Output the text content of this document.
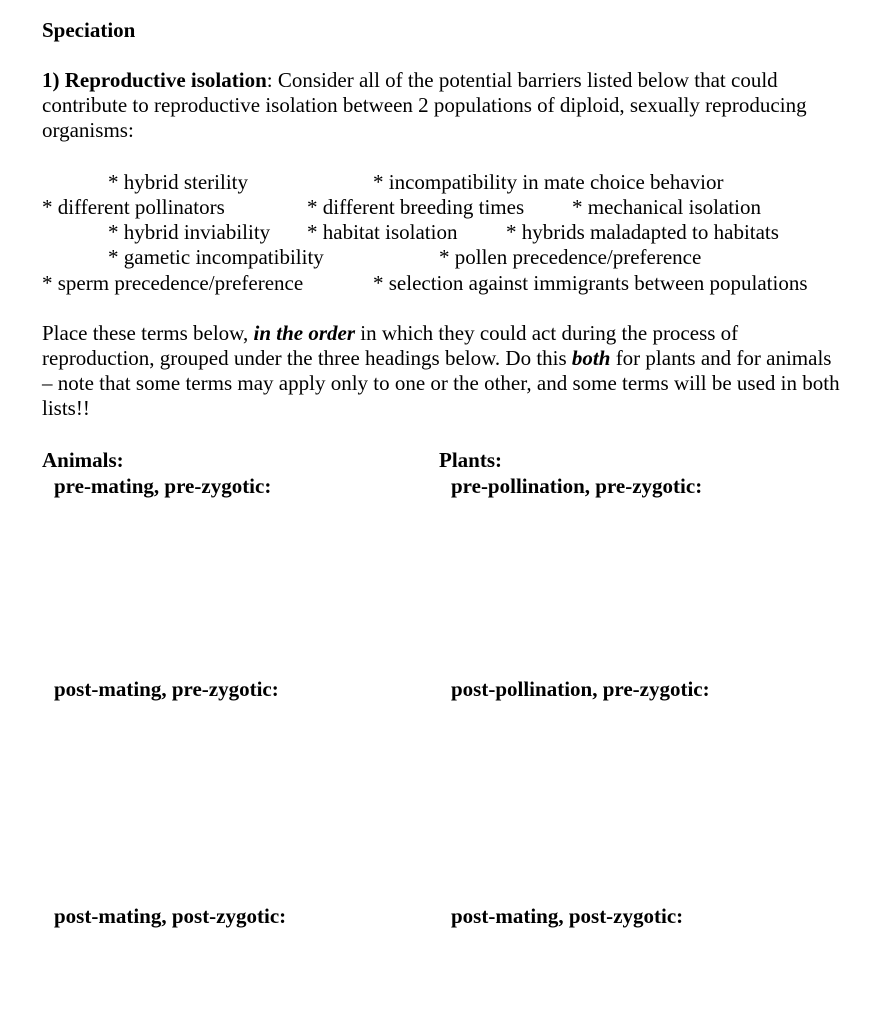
Speciation
1) Reproductive isolation: Consider all of the potential barriers listed below that could contribute to reproductive isolation between 2 populations of diploid, sexually reproducing organisms:
* hybrid sterility	* incompatibility in mate choice behavior
* different pollinators	* different breeding times * mechanical isolation
* hybrid inviability * habitat isolation * hybrids maladapted to habitats
* gametic incompatibility	* pollen precedence/preference
* sperm precedence/preference	* selection against immigrants between populations
Place these terms below, in the order in which they could act during the process of reproduction, grouped under the three headings below. Do this both for plants and for animals – note that some terms may apply only to one or the other, and some terms will be used in both lists!!
Animals:
pre-mating, pre-zygotic:
post-mating, pre-zygotic:
post-mating, post-zygotic:
Plants:
pre-pollination, pre-zygotic:
post-pollination, pre-zygotic:
post-mating, post-zygotic:
